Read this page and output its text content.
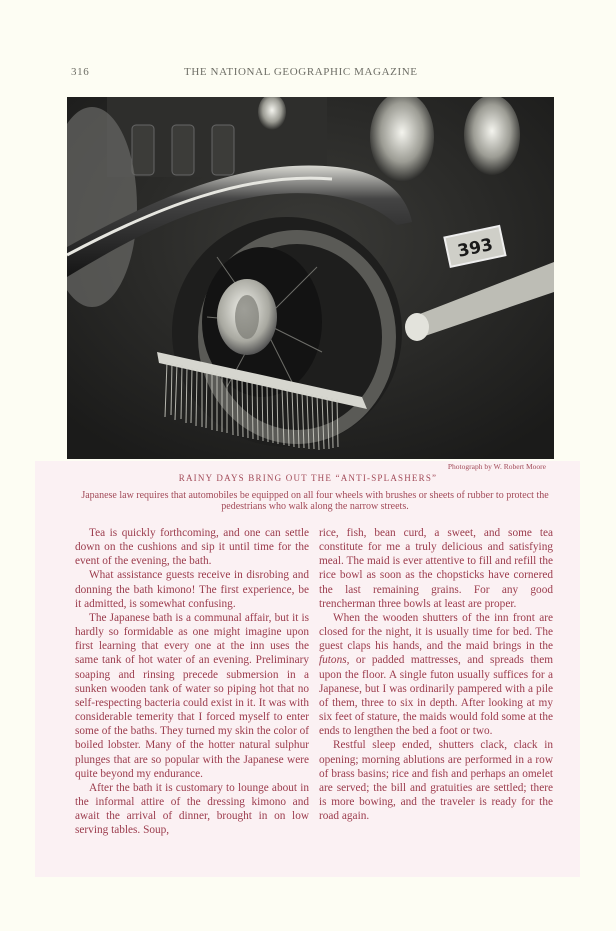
316	THE NATIONAL GEOGRAPHIC MAGAZINE
393
Photograph by W. Robert Moore
RAINY DAYS BRING OUT THE “ANTI-SPLASHERS”
Japanese law requires that automobiles be equipped on all four wheels with brushes or sheets of rubber to protect the pedestrians who walk along the narrow streets.

Tea is quickly forthcoming, and one can settle down on the cushions and sip it until time for the event of the evening, the bath.

What assistance guests receive in disrobing and donning the bath kimono! The first experience, be it admitted, is somewhat confusing.

The Japanese bath is a communal affair, but it is hardly so formidable as one might imagine upon first learning that every one at the inn uses the same tank of hot water of an evening. Preliminary soaping and rinsing precede submersion in a sunken wooden tank of water so piping hot that no self-respecting bacteria could exist in it. It was with considerable temerity that I forced myself to enter some of the baths. They turned my skin the color of boiled lobster. Many of the hotter natural sulphur plunges that are so popular with the Japanese were quite beyond my endurance.

After the bath it is customary to lounge about in the informal attire of the dressing kimono and await the arrival of dinner, brought in on low serving tables. Soup,

rice, fish, bean curd, a sweet, and some tea constitute for me a truly delicious and satisfying meal. The maid is ever attentive to fill and refill the rice bowl as soon as the chopsticks have cornered the last remaining grains. For any good trencherman three bowls at least are proper.

When the wooden shutters of the inn front are closed for the night, it is usually time for bed. The guest claps his hands, and the maid brings in the futons, or padded mattresses, and spreads them upon the floor. A single futon usually suffices for a Japanese, but I was ordinarily pampered with a pile of them, three to six in depth. After looking at my six feet of stature, the maids would fold some at the ends to lengthen the bed a foot or two.

Restful sleep ended, shutters clack, clack in opening; morning ablutions are performed in a row of brass basins; rice and fish and perhaps an omelet are served; the bill and gratuities are settled; there is more bowing, and the traveler is ready for the road again.
